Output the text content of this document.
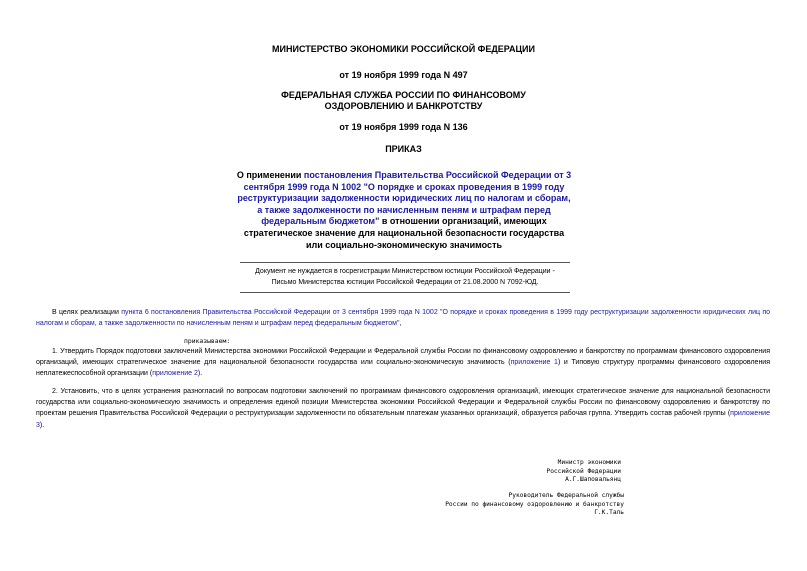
МИНИСТЕРСТВО ЭКОНОМИКИ РОССИЙСКОЙ ФЕДЕРАЦИИ
от 19 ноября 1999 года N 497
ФЕДЕРАЛЬНАЯ СЛУЖБА РОССИИ ПО ФИНАНСОВОМУ
ОЗДОРОВЛЕНИЮ И БАНКРОТСТВУ
от 19 ноября 1999 года N 136
ПРИКАЗ
О применении постановления Правительства Российской Федерации от 3 сентября 1999 года N 1002 "О порядке и сроках проведения в 1999 году реструктуризации задолженности юридических лиц по налогам и сборам, а также задолженности по начисленным пеням и штрафам перед федеральным бюджетом" в отношении организаций, имеющих стратегическое значение для национальной безопасности государства или социально-экономическую значимость
Документ не нуждается в госрегистрации Министерством юстиции Российской Федерации -
Письмо Министерства юстиции Российской Федерации от 21.08.2000 N 7092-ЮД.
В целях реализации пункта 6 постановления Правительства Российской Федерации от 3 сентября 1999 года N 1002 "О порядке и сроках проведения в 1999 году реструктуризации задолженности юридических лиц по налогам и сборам, а также задолженности по начисленным пеням и штрафам перед федеральным бюджетом",
приказываем:
1. Утвердить Порядок подготовки заключений Министерства экономики Российской Федерации и Федеральной службы России по финансовому оздоровлению и банкротству по программам финансового оздоровления организаций, имеющих стратегическое значение для национальной безопасности государства или социально-экономическую значимость (приложение 1) и Типовую структуру программы финансового оздоровления неплатежеспособной организации (приложение 2).
2. Установить, что в целях устранения разногласий по вопросам подготовки заключений по программам финансового оздоровления организаций, имеющих стратегическое значение для национальной безопасности государства или социально-экономическую значимость и определения единой позиции Министерства экономики Российской Федерации и Федеральной службы России по финансовому оздоровлению и банкротству по проектам решения Правительства Российской Федерации о реструктуризации задолженности по обязательным платежам указанных организаций, образуется рабочая группа. Утвердить состав рабочей группы (приложение 3).
Министр экономики
Российской Федерации
А.Г.Шаповальянц
Руководитель Федеральной службы
России по финансовому оздоровлению и банкротству
Г.К.Таль
